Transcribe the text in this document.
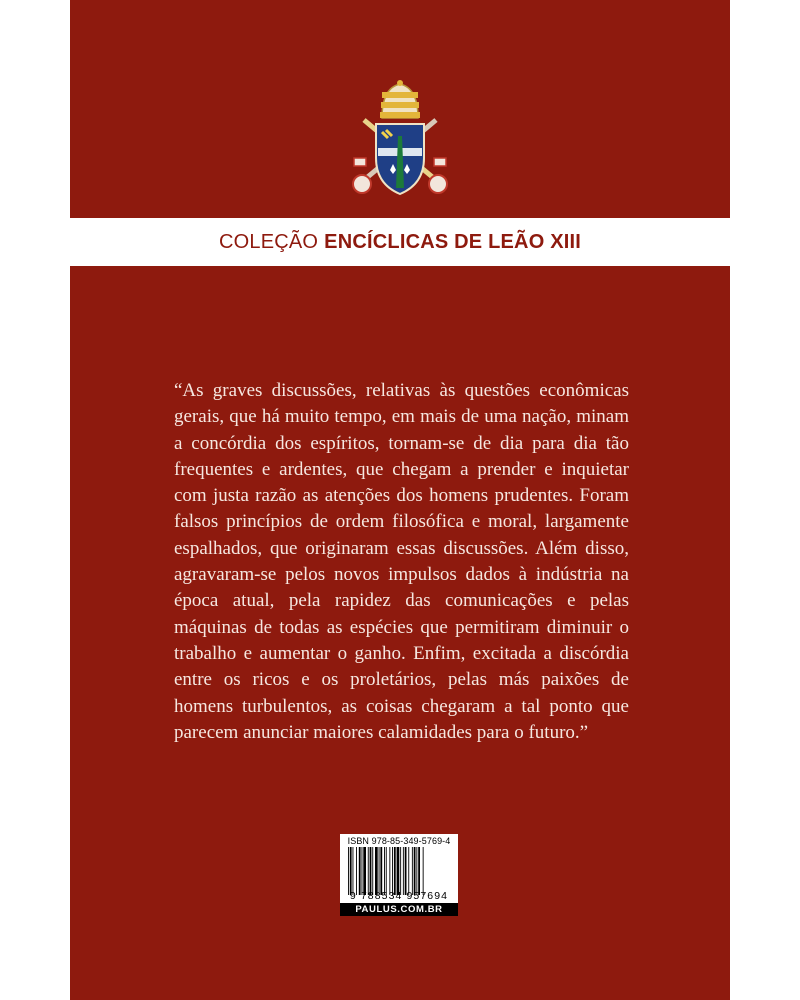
COLEÇÃO ENCÍCLICAS DE LEÃO XIII

“As graves discussões, relativas às questões econômicas gerais, que há muito tempo, em mais de uma nação, minam a concórdia dos espíritos, tornam-se de dia para dia tão frequentes e ardentes, que chegam a prender e inquietar com justa razão as atenções dos homens prudentes. Foram falsos princípios de ordem filosófica e moral, largamente espalhados, que originaram essas discussões. Além disso, agravaram-se pelos novos impulsos dados à indústria na época atual, pela rapidez das comunicações e pelas máquinas de todas as espécies que permitiram diminuir o trabalho e aumentar o ganho. Enfim, excitada a discórdia entre os ricos e os proletários, pelas más paixões de homens turbulentos, as coisas chegaram a tal ponto que parecem anunciar maiores calamidades para o futuro.”

ISBN 978-85-349-5769-4
9 788534 957694
PAULUS.COM.BR
